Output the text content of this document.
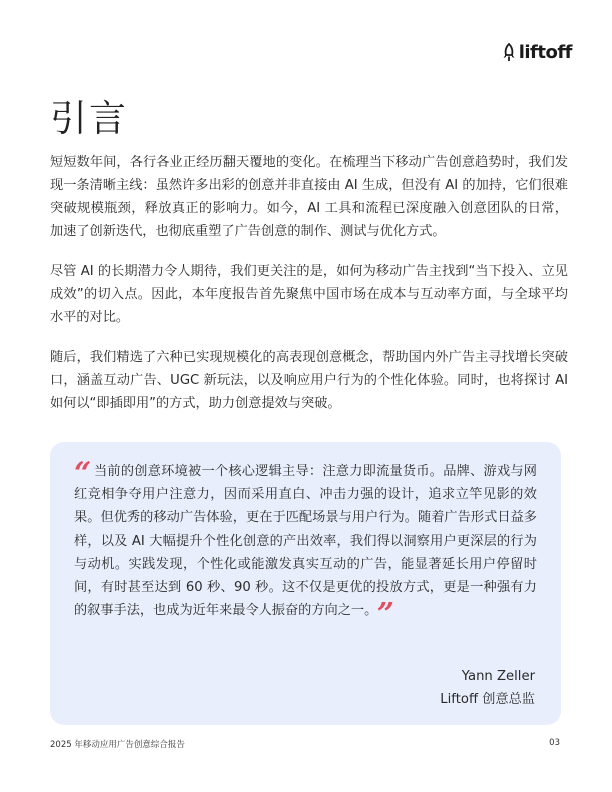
liftoff
引言

短短数年间，各行各业正经历翻天覆地的变化。在梳理当下移动广告创意趋势时，我们发现一条清晰主线：虽然许多出彩的创意并非直接由 AI 生成，但没有 AI 的加持，它们很难突破规模瓶颈，释放真正的影响力。如今，AI 工具和流程已深度融入创意团队的日常，加速了创新迭代，也彻底重塑了广告创意的制作、测试与优化方式。

尽管 AI 的长期潜力令人期待，我们更关注的是，如何为移动广告主找到“当下投入、立见成效”的切入点。因此，本年度报告首先聚焦中国市场在成本与互动率方面，与全球平均水平的对比。

随后，我们精选了六种已实现规模化的高表现创意概念，帮助国内外广告主寻找增长突破口，涵盖互动广告、UGC 新玩法，以及响应用户行为的个性化体验。同时，也将探讨 AI 如何以“即插即用”的方式，助力创意提效与突破。

“ 当前的创意环境被一个核心逻辑主导：注意力即流量货币。品牌、游戏与网红竞相争夺用户注意力，因而采用直白、冲击力强的设计，追求立竿见影的效果。但优秀的移动广告体验，更在于匹配场景与用户行为。随着广告形式日益多样，以及 AI 大幅提升个性化创意的产出效率，我们得以洞察用户更深层的行为与动机。实践发现，个性化或能激发真实互动的广告，能显著延长用户停留时间，有时甚至达到 60 秒、90 秒。这不仅是更优的投放方式，更是一种强有力的叙事手法，也成为近年来最令人振奋的方向之一。 ”

Yann Zeller
Liftoff 创意总监
2025 年移动应用广告创意综合报告	03
